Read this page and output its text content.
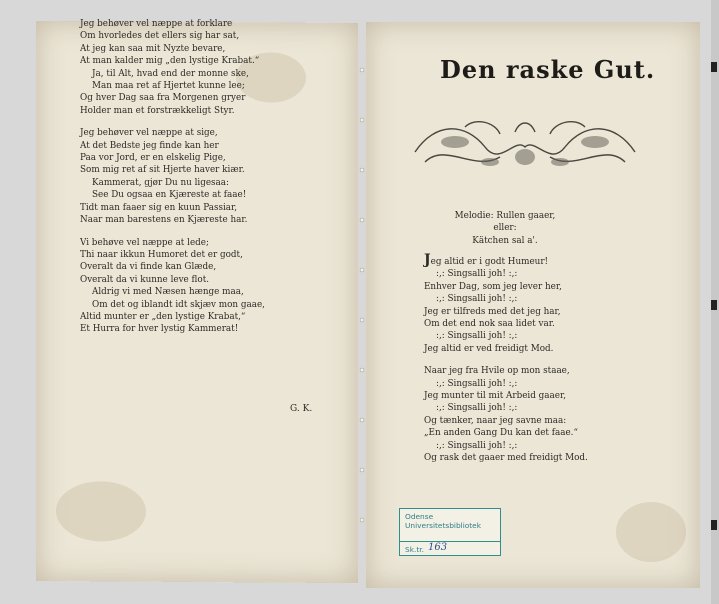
Jeg behøver vel næppe at forklare

Om hvorledes det ellers sig har sat,

At jeg kan saa mit Nyzte bevare,

At man kalder mig „den lystige Krabat.“

Ja, til Alt, hvad end der monne ske,

Man maa ret af Hjertet kunne lee;

Og hver Dag saa fra Morgenen gryer

Holder man et forstrækkeligt Styr.

Jeg behøver vel næppe at sige,

At det Bedste jeg finde kan her

Paa vor Jord, er en elskelig Pige,

Som mig ret af sit Hjerte haver kiær.

Kammerat, gjør Du nu ligesaa:

See Du ogsaa en Kjæreste at faae!

Tidt man faaer sig en kuun Passiar,

Naar man barestens en Kjæreste har.

Vi behøve vel næppe at lede;

Thi naar ikkun Humoret det er godt,

Overalt da vi finde kan Glæde,

Overalt da vi kunne leve flot.

Aldrig vi med Næsen hænge maa,

Om det og iblandt idt skjæv mon gaae,

Altid munter er „den lystige Krabat,“

Et Hurra for hver lystig Kammerat!

G. K.
Den raske Gut.

Melodie: Rullen gaaer,

eller:

Kätchen sal a'.

Jeg altid er i godt Humeur!

:,: Singsalli joh! :,:

Enhver Dag, som jeg lever her,

:,: Singsalli joh! :,:

Jeg er tilfreds med det jeg har,

Om det end nok saa lidet var.

:,: Singsalli joh! :,:

Jeg altid er ved freidigt Mod.

Naar jeg fra Hvile op mon staae,

:,: Singsalli joh! :,:

Jeg munter til mit Arbeid gaaer,

:,: Singsalli joh! :,:

Og tænker, naar jeg savne maa:

„En anden Gang Du kan det faae.“

:,: Singsalli joh! :,:

Og rask det gaaer med freidigt Mod.

Odense
Universitetsbibliotek
Sk.tr. 163
